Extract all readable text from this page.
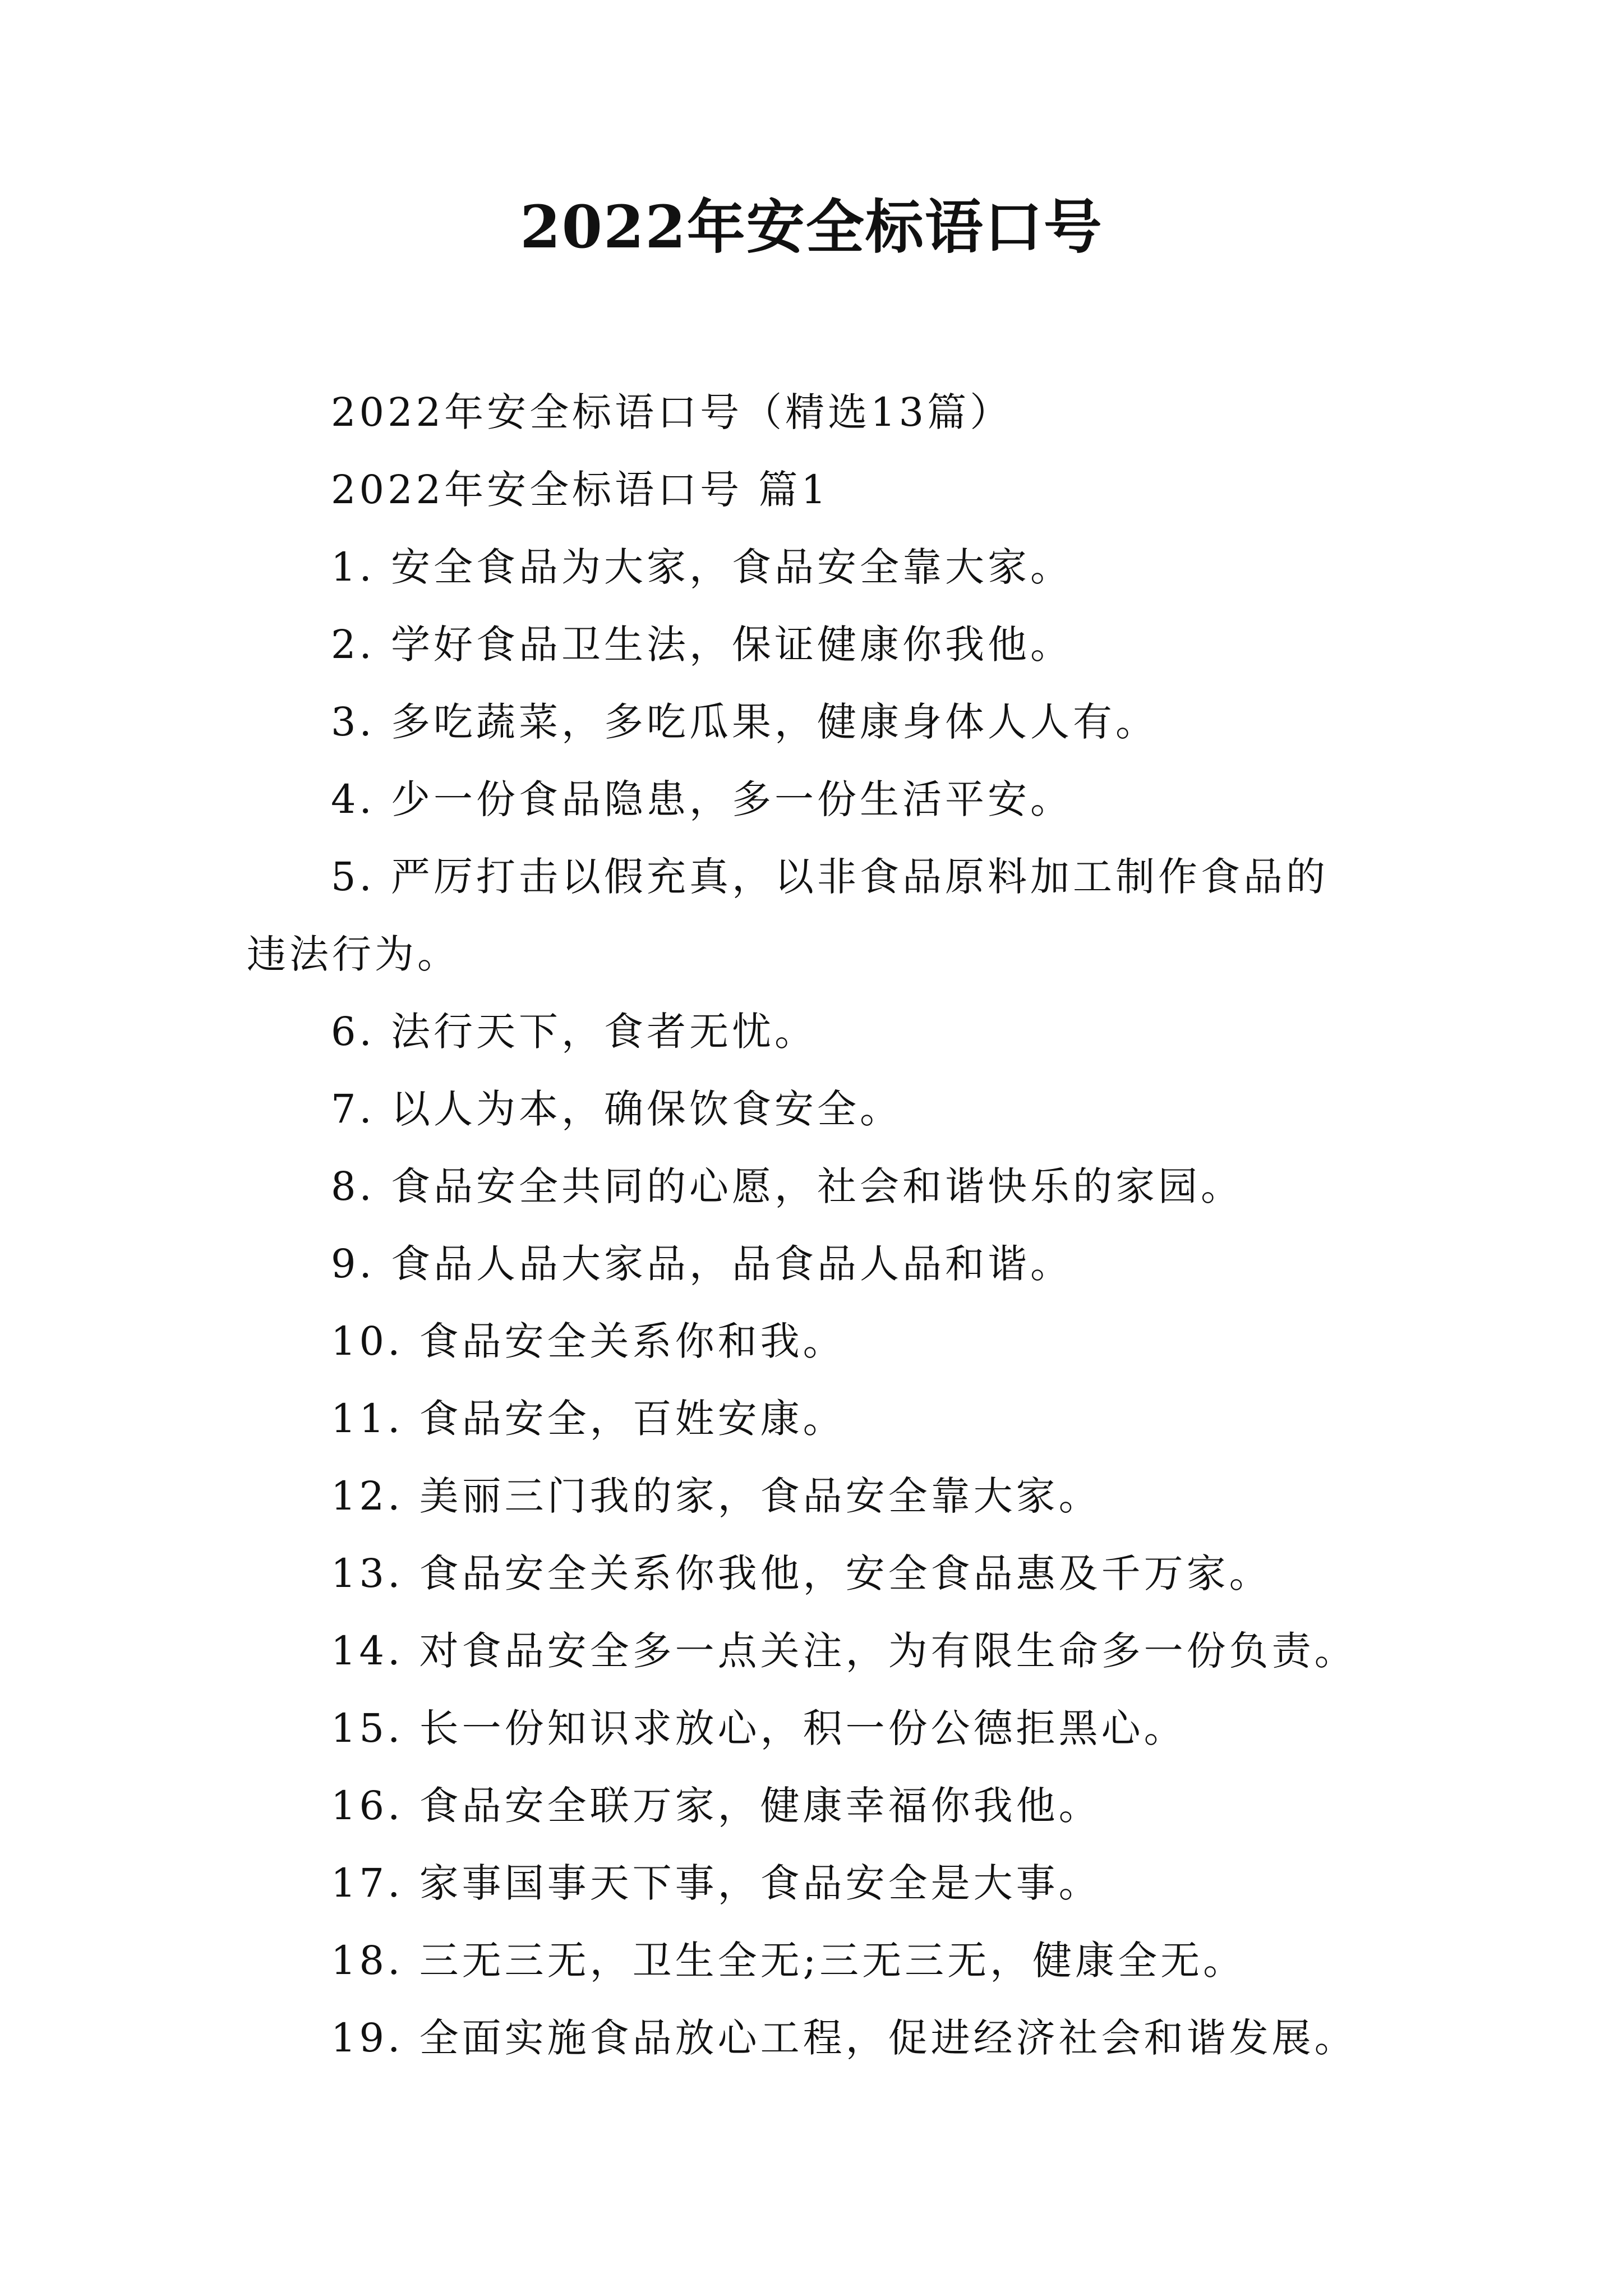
2022年安全标语口号
2022年安全标语口号（精选13篇）
2022年安全标语口号 篇1
1. 安全食品为大家，食品安全靠大家。
2. 学好食品卫生法，保证健康你我他。
3. 多吃蔬菜，多吃瓜果，健康身体人人有。
4. 少一份食品隐患，多一份生活平安。
5. 严厉打击以假充真，以非食品原料加工制作食品的
违法行为。
6. 法行天下，食者无忧。
7. 以人为本，确保饮食安全。
8. 食品安全共同的心愿，社会和谐快乐的家园。
9. 食品人品大家品，品食品人品和谐。
10. 食品安全关系你和我。
11. 食品安全，百姓安康。
12. 美丽三门我的家，食品安全靠大家。
13. 食品安全关系你我他，安全食品惠及千万家。
14. 对食品安全多一点关注，为有限生命多一份负责。
15. 长一份知识求放心，积一份公德拒黑心。
16. 食品安全联万家，健康幸福你我他。
17. 家事国事天下事，食品安全是大事。
18. 三无三无，卫生全无;三无三无，健康全无。
19. 全面实施食品放心工程，促进经济社会和谐发展。
